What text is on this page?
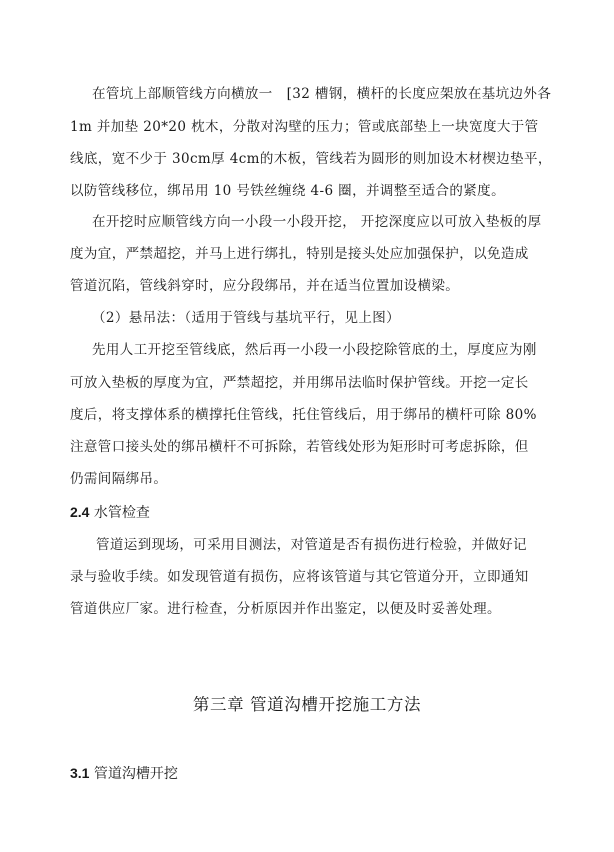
在管坑上部顺管线方向横放一　[32 槽钢，横杆的长度应架放在基坑边外各
1m 并加垫 20*20 枕木，分散对沟壁的压力；管或底部垫上一块宽度大于管
线底，宽不少于 30cm厚 4cm的木板，管线若为圆形的则加设木材楔边垫平，
以防管线移位，绑吊用 10 号铁丝缠绕 4-6 圈，并调整至适合的紧度。
在开挖时应顺管线方向一小段一小段开挖， 开挖深度应以可放入垫板的厚
度为宜，严禁超挖，并马上进行绑扎，特别是接头处应加强保护，以免造成
管道沉陷，管线斜穿时，应分段绑吊，并在适当位置加设横梁。
（2）悬吊法：（适用于管线与基坑平行，见上图）
先用人工开挖至管线底，然后再一小段一小段挖除管底的土，厚度应为刚
可放入垫板的厚度为宜，严禁超挖，并用绑吊法临时保护管线。开挖一定长
度后，将支撑体系的横撑托住管线，托住管线后，用于绑吊的横杆可除 80%
注意管口接头处的绑吊横杆不可拆除，若管线处形为矩形时可考虑拆除，但
仍需间隔绑吊。
2.4 水管检查
管道运到现场，可采用目测法，对管道是否有损伤进行检验，并做好记
录与验收手续。如发现管道有损伤，应将该管道与其它管道分开，立即通知
管道供应厂家。进行检查，分析原因并作出鉴定，以便及时妥善处理。
第三章 管道沟槽开挖施工方法
3.1 管道沟槽开挖
